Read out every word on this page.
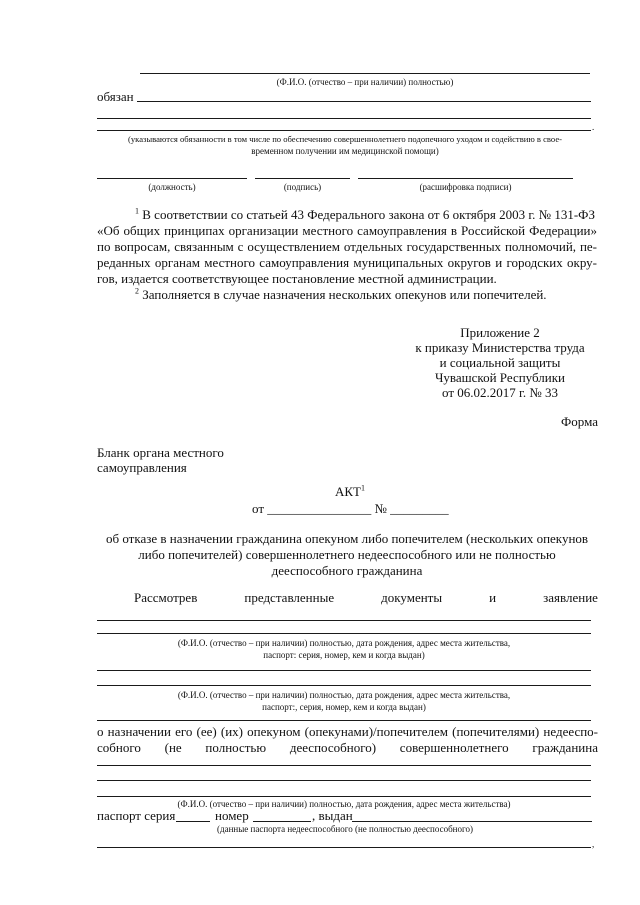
(Ф.И.О. (отчество – при наличии) полностью)
обязан
.
(указываются обязанности в том числе по обеспечению совершеннолетнего подопечного уходом и содействию в свое-
временном получении им медицинской помощи)
(должность)	(подпись)	(расшифровка подписи)
$^1$ В соответствии со статьей 43 Федерального закона от 6 октября 2003 г. № 131-ФЗ
«Об общих принципах организации местного самоуправления в Российской Федерации»
по вопросам, связанным с осуществлением отдельных государственных полномочий, пе-
реданных органам местного самоуправления муниципальных округов и городских окру-
гов, издается соответствующее постановление местной администрации.
$^2$ Заполняется в случае назначения нескольких опекунов или попечителей.
Приложение 2
к приказу Министерства труда
и социальной защиты
Чувашской Республики
от 06.02.2017 г. № 33
Форма
Бланк органа местного
самоуправления
АКТ$^1$
от ________________ № _________
об отказе в назначении гражданина опекуном либо попечителем (нескольких опекунов
либо попечителей) совершеннолетнего недееспособного или не полностью
дееспособного гражданина
Рассмотрев	представленные	документы	и	заявление
(Ф.И.О. (отчество – при наличии) полностью, дата рождения, адрес места жительства,
паспорт: серия, номер, кем и когда выдан)
(Ф.И.О. (отчество – при наличии) полностью, дата рождения, адрес места жительства,
паспорт:, серия, номер, кем и когда выдан)
о назначении его (ее) (их) опекуном (опекунами)/попечителем (попечителями) недееспо-
собного (не полностью дееспособного) совершеннолетнего гражданина
(Ф.И.О. (отчество – при наличии) полностью, дата рождения, адрес места жительства)
паспорт серия	номер	, выдан
(данные паспорта недееспособного (не полностью дееспособного)
,
